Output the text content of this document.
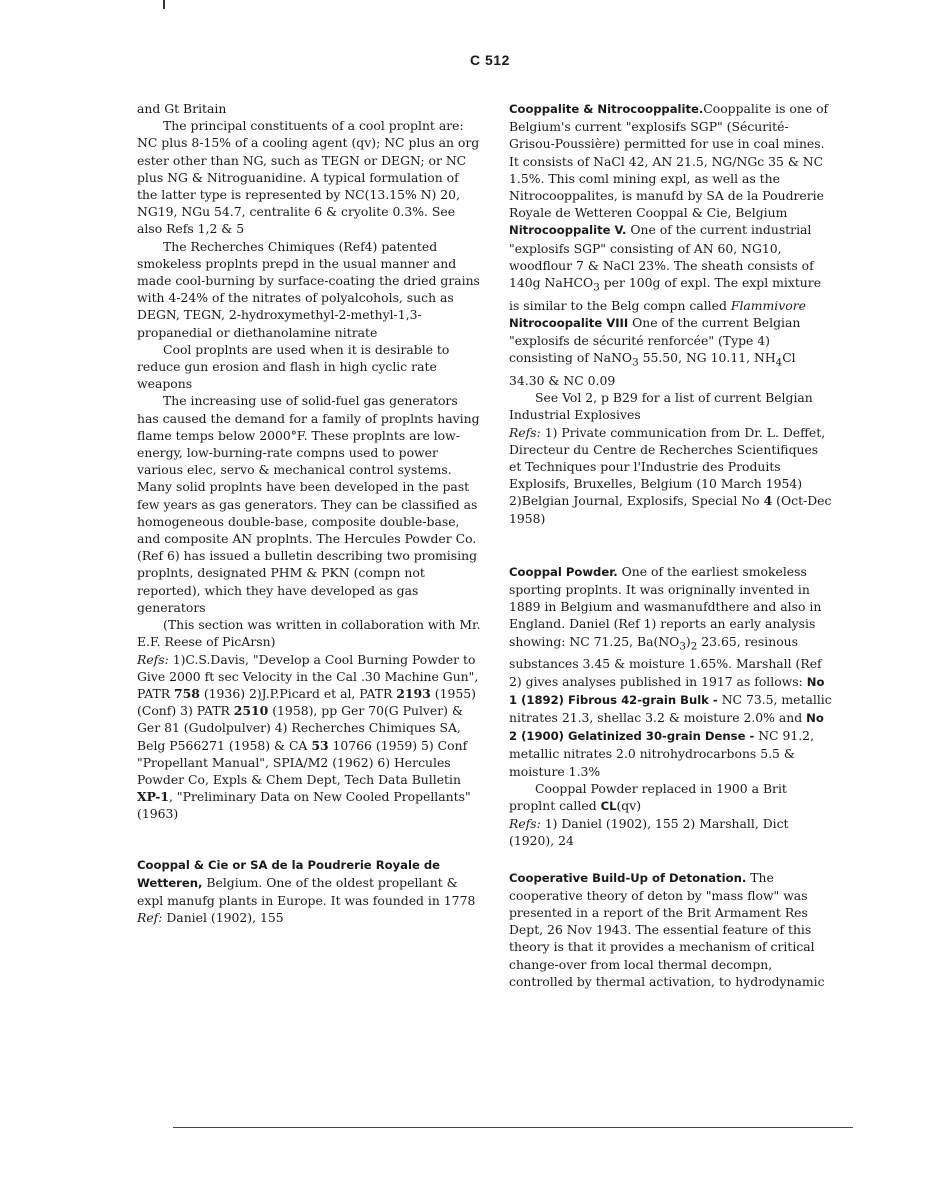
C 512

and Gt Britain

The principal constituents of a cool proplnt are: NC plus 8-15% of a cooling agent (qv); NC plus an org ester other than NG, such as TEGN or DEGN; or NC plus NG & Nitroguanidine. A typical formulation of the latter type is represented by NC(13.15% N) 20, NG19, NGu 54.7, centralite 6 & cryolite 0.3%. See also Refs 1,2 & 5

The Recherches Chimiques (Ref4) patented smokeless proplnts prepd in the usual manner and made cool-burning by surface-coating the dried grains with 4-24% of the nitrates of polyalcohols, such as DEGN, TEGN, 2-hydroxymethyl-2-methyl-1,3-propanedial or diethanolamine nitrate

Cool proplnts are used when it is desirable to reduce gun erosion and flash in high cyclic rate weapons

The increasing use of solid-fuel gas generators has caused the demand for a family of proplnts having flame temps below 2000°F. These proplnts are low-energy, low-burning-rate compns used to power various elec, servo & mechanical control systems. Many solid proplnts have been developed in the past few years as gas generators. They can be classified as homogeneous double-base, composite double-base, and composite AN proplnts. The Hercules Powder Co. (Ref 6) has issued a bulletin describing two promising proplnts, designated PHM & PKN (compn not reported), which they have developed as gas generators

(This section was written in collaboration with Mr. E.F. Reese of PicArsn)

Refs: 1)C.S.Davis, "Develop a Cool Burning Powder to Give 2000 ft sec Velocity in the Cal .30 Machine Gun", PATR 758 (1936) 2)J.P.Picard et al, PATR 2193 (1955)(Conf) 3) PATR 2510 (1958), pp Ger 70(G Pulver) & Ger 81 (Gudolpulver) 4) Recherches Chimiques SA, Belg P566271 (1958) & CA 53 10766 (1959) 5) Conf "Propellant Manual", SPIA/M2 (1962) 6) Hercules Powder Co, Expls & Chem Dept, Tech Data Bulletin XP-1, "Preliminary Data on New Cooled Propellants" (1963)

Cooppal & Cie or SA de la Poudrerie Royale de Wetteren, Belgium. One of the oldest propellant & expl manufg plants in Europe. It was founded in 1778

Ref: Daniel (1902), 155

Cooppalite & Nitrocooppalite.Cooppalite is one of Belgium's current "explosifs SGP" (Sécurité-Grisou-Poussière) permitted for use in coal mines. It consists of NaCl 42, AN 21.5, NG/NGc 35 & NC 1.5%. This coml mining expl, as well as the Nitrocooppalites, is manufd by SA de la Poudrerie Royale de Wetteren Cooppal & Cie, Belgium

Nitrocooppalite V. One of the current industrial "explosifs SGP" consisting of AN 60, NG10, woodflour 7 & NaCl 23%. The sheath consists of 140g NaHCO$_3$ per 100g of expl. The expl mixture is similar to the Belg compn called Flammivore

Nitrocoopalite VIII One of the current Belgian "explosifs de sécurité renforcée" (Type 4) consisting of NaNO$_3$ 55.50, NG 10.11, $NH_4Cl$ 34.30 & NC 0.09

See Vol 2, p B29 for a list of current Belgian Industrial Explosives

Refs: 1) Private communication from Dr. L. Deffet, Directeur du Centre de Recherches Scientifiques et Techniques pour l'Industrie des Produits Explosifs, Bruxelles, Belgium (10 March 1954) 2)Belgian Journal, Explosifs, Special No 4 (Oct-Dec 1958)

Cooppal Powder. One of the earliest smokeless sporting proplnts. It was origninally invented in 1889 in Belgium and wasmanufdthere and also in England. Daniel (Ref 1) reports an early analysis showing: NC 71.25, $Ba(NO_3)_2$ 23.65, resinous substances 3.45 & moisture 1.65%. Marshall (Ref 2) gives analyses published in 1917 as follows: No 1 (1892) Fibrous 42-grain Bulk - NC 73.5, metallic nitrates 21.3, shellac 3.2 & moisture 2.0% and No 2 (1900) Gelatinized 30-grain Dense - NC 91.2, metallic nitrates 2.0 nitrohydrocarbons 5.5 & moisture 1.3%

Cooppal Powder replaced in 1900 a Brit proplnt called CL(qv)

Refs: 1) Daniel (1902), 155 2) Marshall, Dict (1920), 24

Cooperative Build-Up of Detonation. The cooperative theory of deton by "mass flow" was presented in a report of the Brit Armament Res Dept, 26 Nov 1943. The essential feature of this theory is that it provides a mechanism of critical change-over from local thermal decompn, controlled by thermal activation, to hydrodynamic
